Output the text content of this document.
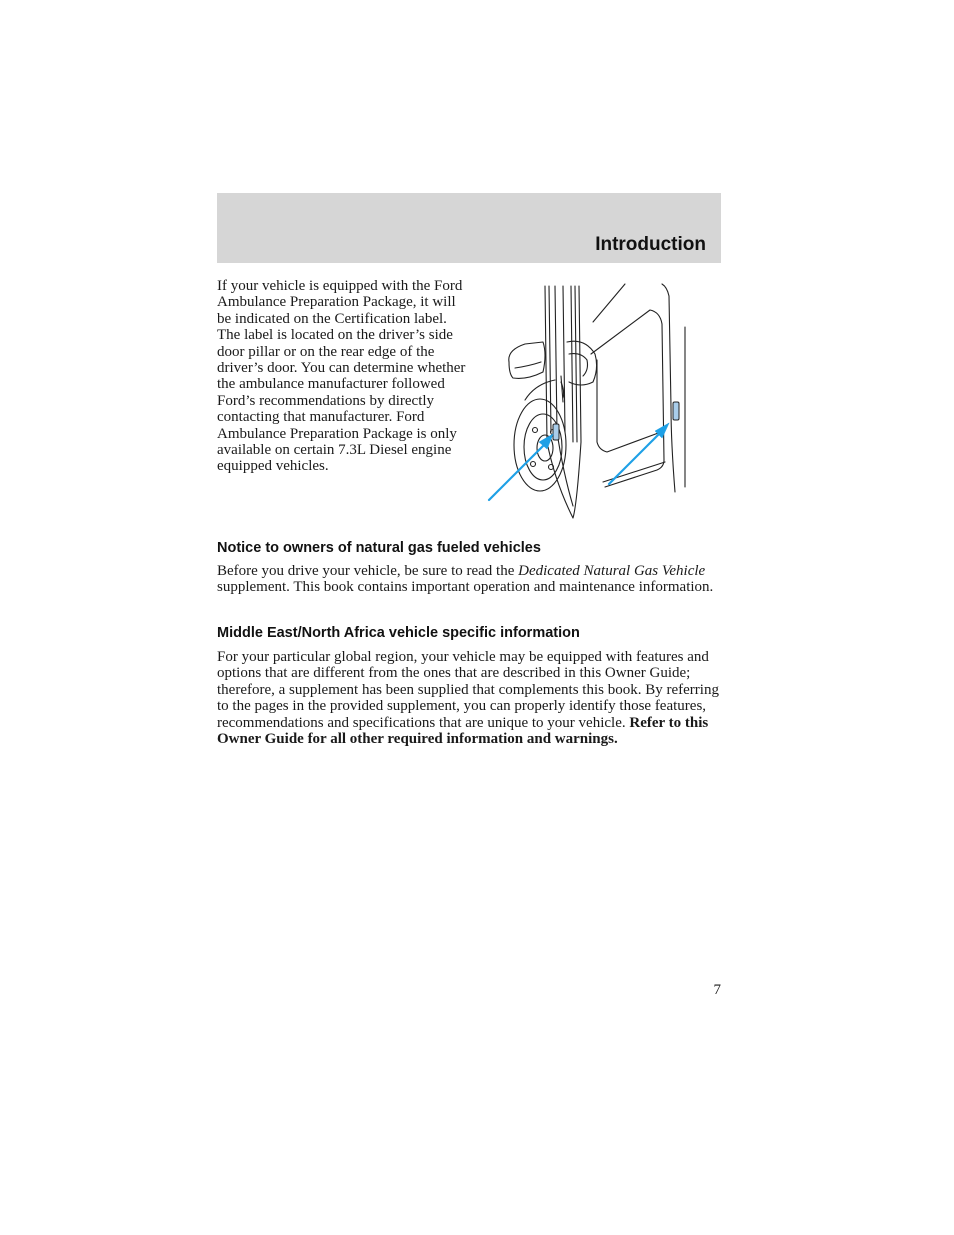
Introduction

If your vehicle is equipped with the Ford Ambulance Preparation Package, it will be indicated on the Certification label. The label is located on the driver’s side door pillar or on the rear edge of the driver’s door. You can determine whether the ambulance manufacturer followed Ford’s recommendations by directly contacting that manufacturer. Ford Ambulance Preparation Package is only available on certain 7.3L Diesel engine equipped vehicles.

Notice to owners of natural gas fueled vehicles

Before you drive your vehicle, be sure to read the Dedicated Natural Gas Vehicle supplement. This book contains important operation and maintenance information.

Middle East/North Africa vehicle specific information

For your particular global region, your vehicle may be equipped with features and options that are different from the ones that are described in this Owner Guide; therefore, a supplement has been supplied that complements this book. By referring to the pages in the provided supplement, you can properly identify those features, recommendations and specifications that are unique to your vehicle. Refer to this Owner Guide for all other required information and warnings.

7
